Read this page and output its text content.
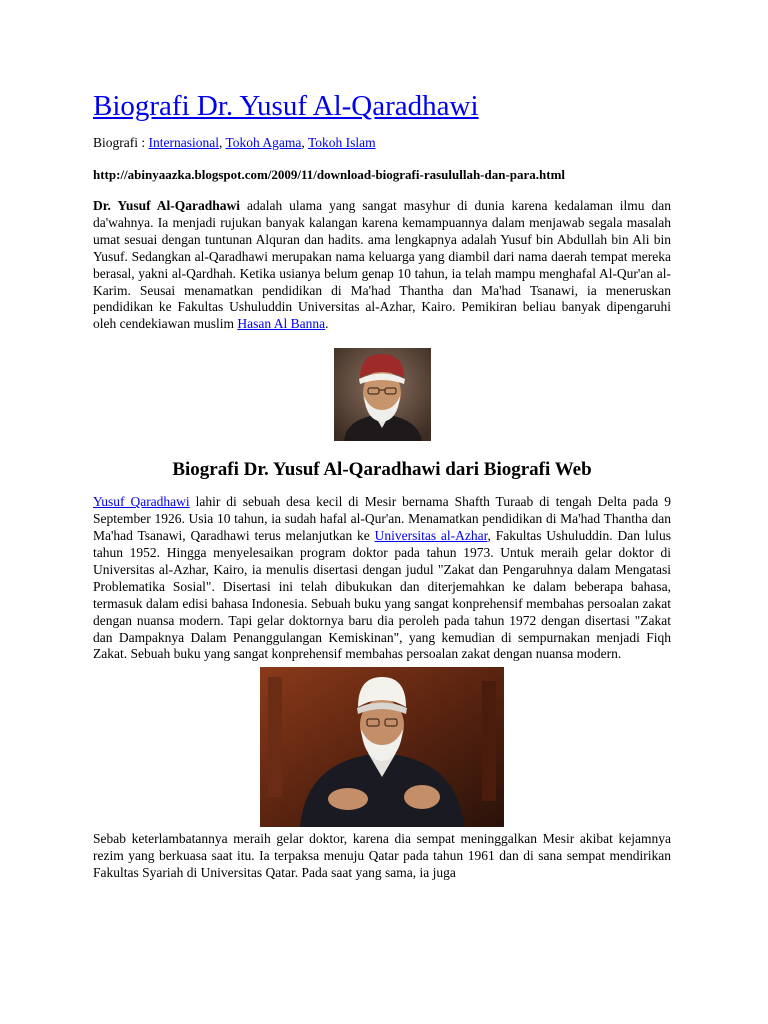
Biografi Dr. Yusuf Al-Qaradhawi
Biografi : Internasional, Tokoh Agama, Tokoh Islam
http://abinyaazka.blogspot.com/2009/11/download-biografi-rasulullah-dan-para.html

Dr. Yusuf Al-Qaradhawi adalah ulama yang sangat masyhur di dunia karena kedalaman ilmu dan da'wahnya. Ia menjadi rujukan banyak kalangan karena kemampuannya dalam menjawab segala masalah umat sesuai dengan tuntunan Alquran dan hadits. ama lengkapnya adalah Yusuf bin Abdullah bin Ali bin Yusuf. Sedangkan al-Qaradhawi merupakan nama keluarga yang diambil dari nama daerah tempat mereka berasal, yakni al-Qardhah. Ketika usianya belum genap 10 tahun, ia telah mampu menghafal Al-Qur'an al-Karim. Seusai menamatkan pendidikan di Ma'had Thantha dan Ma'had Tsanawi, ia meneruskan pendidikan ke Fakultas Ushuluddin Universitas al-Azhar, Kairo. Pemikiran beliau banyak dipengaruhi oleh cendekiawan muslim Hasan Al Banna.

Biografi Dr. Yusuf Al-Qaradhawi dari Biografi Web

Yusuf Qaradhawi lahir di sebuah desa kecil di Mesir bernama Shafth Turaab di tengah Delta pada 9 September 1926. Usia 10 tahun, ia sudah hafal al-Qur'an. Menamatkan pendidikan di Ma'had Thantha dan Ma'had Tsanawi, Qaradhawi terus melanjutkan ke Universitas al-Azhar, Fakultas Ushuluddin. Dan lulus tahun 1952. Hingga menyelesaikan program doktor pada tahun 1973. Untuk meraih gelar doktor di Universitas al-Azhar, Kairo, ia menulis disertasi dengan judul "Zakat dan Pengaruhnya dalam Mengatasi Problematika Sosial". Disertasi ini telah dibukukan dan diterjemahkan ke dalam beberapa bahasa, termasuk dalam edisi bahasa Indonesia. Sebuah buku yang sangat konprehensif membahas persoalan zakat dengan nuansa modern. Tapi gelar doktornya baru dia peroleh pada tahun 1972 dengan disertasi "Zakat dan Dampaknya Dalam Penanggulangan Kemiskinan", yang kemudian di sempurnakan menjadi Fiqh Zakat. Sebuah buku yang sangat konprehensif membahas persoalan zakat dengan nuansa modern.

Sebab keterlambatannya meraih gelar doktor, karena dia sempat meninggalkan Mesir akibat kejamnya rezim yang berkuasa saat itu. Ia terpaksa menuju Qatar pada tahun 1961 dan di sana sempat mendirikan Fakultas Syariah di Universitas Qatar. Pada saat yang sama, ia juga
